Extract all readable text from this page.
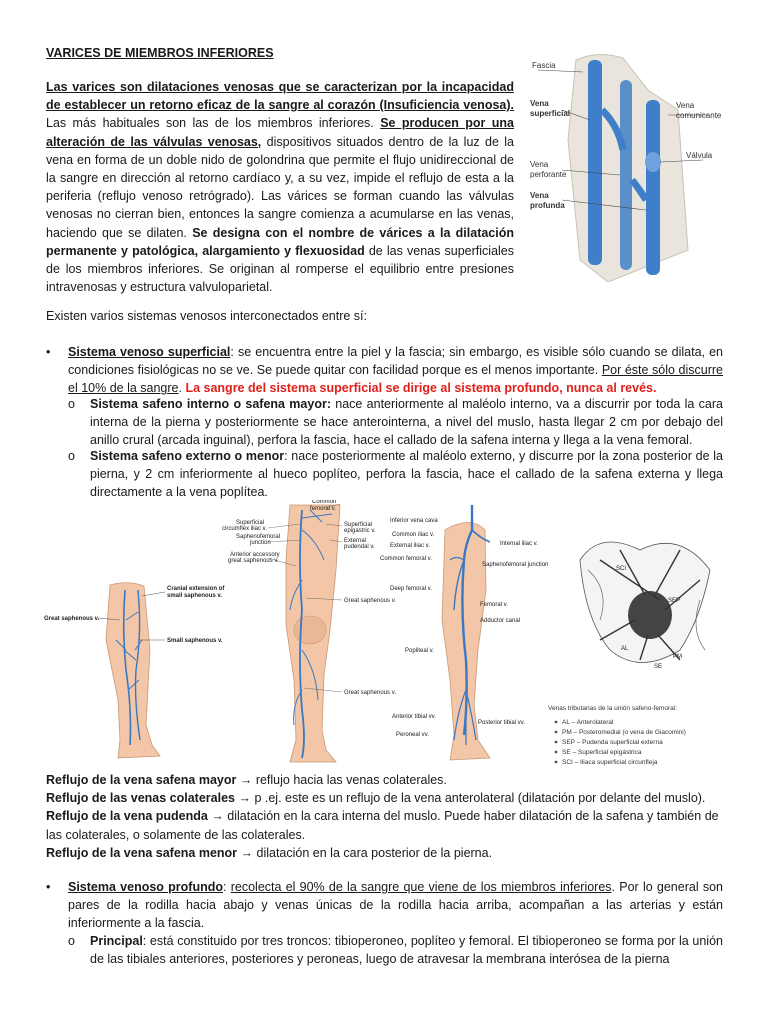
VARICES DE MIEMBROS INFERIORES

Las varices son dilataciones venosas que se caracterizan por la incapacidad de establecer un retorno eficaz de la sangre al corazón (Insuficiencia venosa). Las más habituales son las de los miembros inferiores. Se producen por una alteración de las válvulas venosas, dispositivos situados dentro de la luz de la vena en forma de un doble nido de golondrina que permite el flujo unidireccional de la sangre en dirección al retorno cardíaco y, a su vez, impide el reflujo de esta a la periferia (reflujo venoso retrógrado). Las várices se forman cuando las válvulas venosas no cierran bien, entonces la sangre comienza a acumularse en las venas, haciendo que se dilaten. Se designa con el nombre de várices a la dilatación permanente y patológica, alargamiento y flexuosidad de las venas superficiales de los miembros inferiores. Se originan al romperse el equilibrio entre presiones intravenosas y estructura valvuloparietal.

Fascia
Vena
superficial
Vena
comunicante
Válvula
Vena
perforante
Vena
profunda
Existen varios sistemas venosos interconectados entre sí:
• Sistema venoso superficial: se encuentra entre la piel y la fascia; sin embargo, es visible sólo cuando se dilata, en condiciones fisiológicas no se ve. Se puede quitar con facilidad porque es el menos importante. Por éste sólo discurre el 10% de la sangre. La sangre del sistema superficial se dirige al sistema profundo, nunca al revés.
o Sistema safeno interno o safena mayor: nace anteriormente al maléolo interno, va a discurrir por toda la cara interna de la pierna y posteriormente se hace anterointerna, a nivel del muslo, hasta llegar 2 cm por debajo del anillo crural (arcada inguinal), perfora la fascia, hace el callado de la safena interna y llega a la vena femoral.
o Sistema safeno externo o menor: nace posteriormente al maléolo externo, y discurre por la zona posterior de la pierna, y 2 cm inferiormente al hueco poplíteo, perfora la fascia, hace el callado de la safena externa y llega directamente a la vena poplítea.
Cranial extension of
small saphenous v.
Great saphenous v.
Small saphenous v.
Superficial
circumflex iliac v.
Saphenofemoral
junction
Anterior accessory
great saphenous v.
Common
femoral v.
Superficial
epigastric v.
External
pudendal v.
Great saphenous v.
Great saphenous v.
Inferior vena cava
Common iliac v.
External iliac v.	Internal iliac v.
Common femoral v.
Saphenofemoral junction
Deep femoral v.
Femoral v.
Adductor canal
Popliteal v.
Anterior tibial vv.
Posterior tibial vv.
Peroneal vv.
SCI
SEP
AL
PM
SE
Venas tributarias de la unión safeno-femoral:
AL – Anterolateral
PM – Posteromedial (o vena de Giacomini)
SEP – Pudenda superficial externa
SE – Superficial epigástrica
SCI – Iliaca superficial circunfleja
Reflujo de la vena safena mayor → reflujo hacia las venas colaterales.
Reflujo de las venas colaterales → p .ej. este es un reflujo de la vena anterolateral (dilatación por delante del muslo).
Reflujo de la vena pudenda → dilatación en la cara interna del muslo. Puede haber dilatación de la safena y también de las colaterales, o solamente de las colaterales.
Reflujo de la vena safena menor → dilatación en la cara posterior de la pierna.
• Sistema venoso profundo: recolecta el 90% de la sangre que viene de los miembros inferiores. Por lo general son pares de la rodilla hacia abajo y venas únicas de la rodilla hacia arriba, acompañan a las arterias y están inferiormente a la fascia.
o Principal: está constituido por tres troncos: tibioperoneo, poplíteo y femoral. El tibioperoneo se forma por la unión de las tibiales anteriores, posteriores y peroneas, luego de atravesar la membrana interósea de la pierna
